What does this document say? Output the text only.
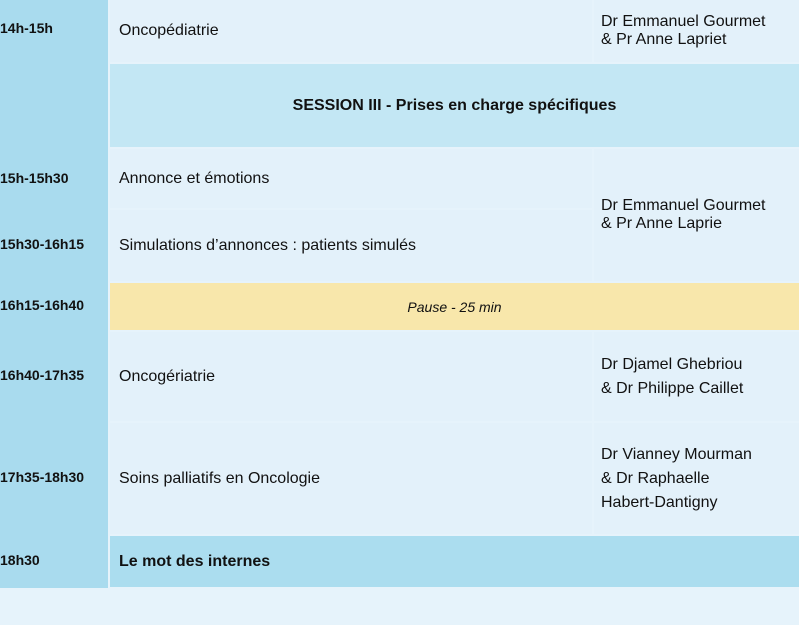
14h-15h
15h-15h30
15h30-16h15
16h15-16h40
16h40-17h35
17h35-18h30
18h30
Oncopédiatrie
Dr Emmanuel Gourmet
& Pr Anne Lapriet
SESSION III - Prises en charge spécifiques
Annonce et émotions
Simulations d’annonces : patients simulés
Dr Emmanuel Gourmet
& Pr Anne Laprie
Pause - 25 min
Oncogériatrie
Dr Djamel Ghebriou
& Dr Philippe Caillet
Soins palliatifs en Oncologie
Dr Vianney Mourman
& Dr Raphaelle
Habert-Dantigny
Le mot des internes
